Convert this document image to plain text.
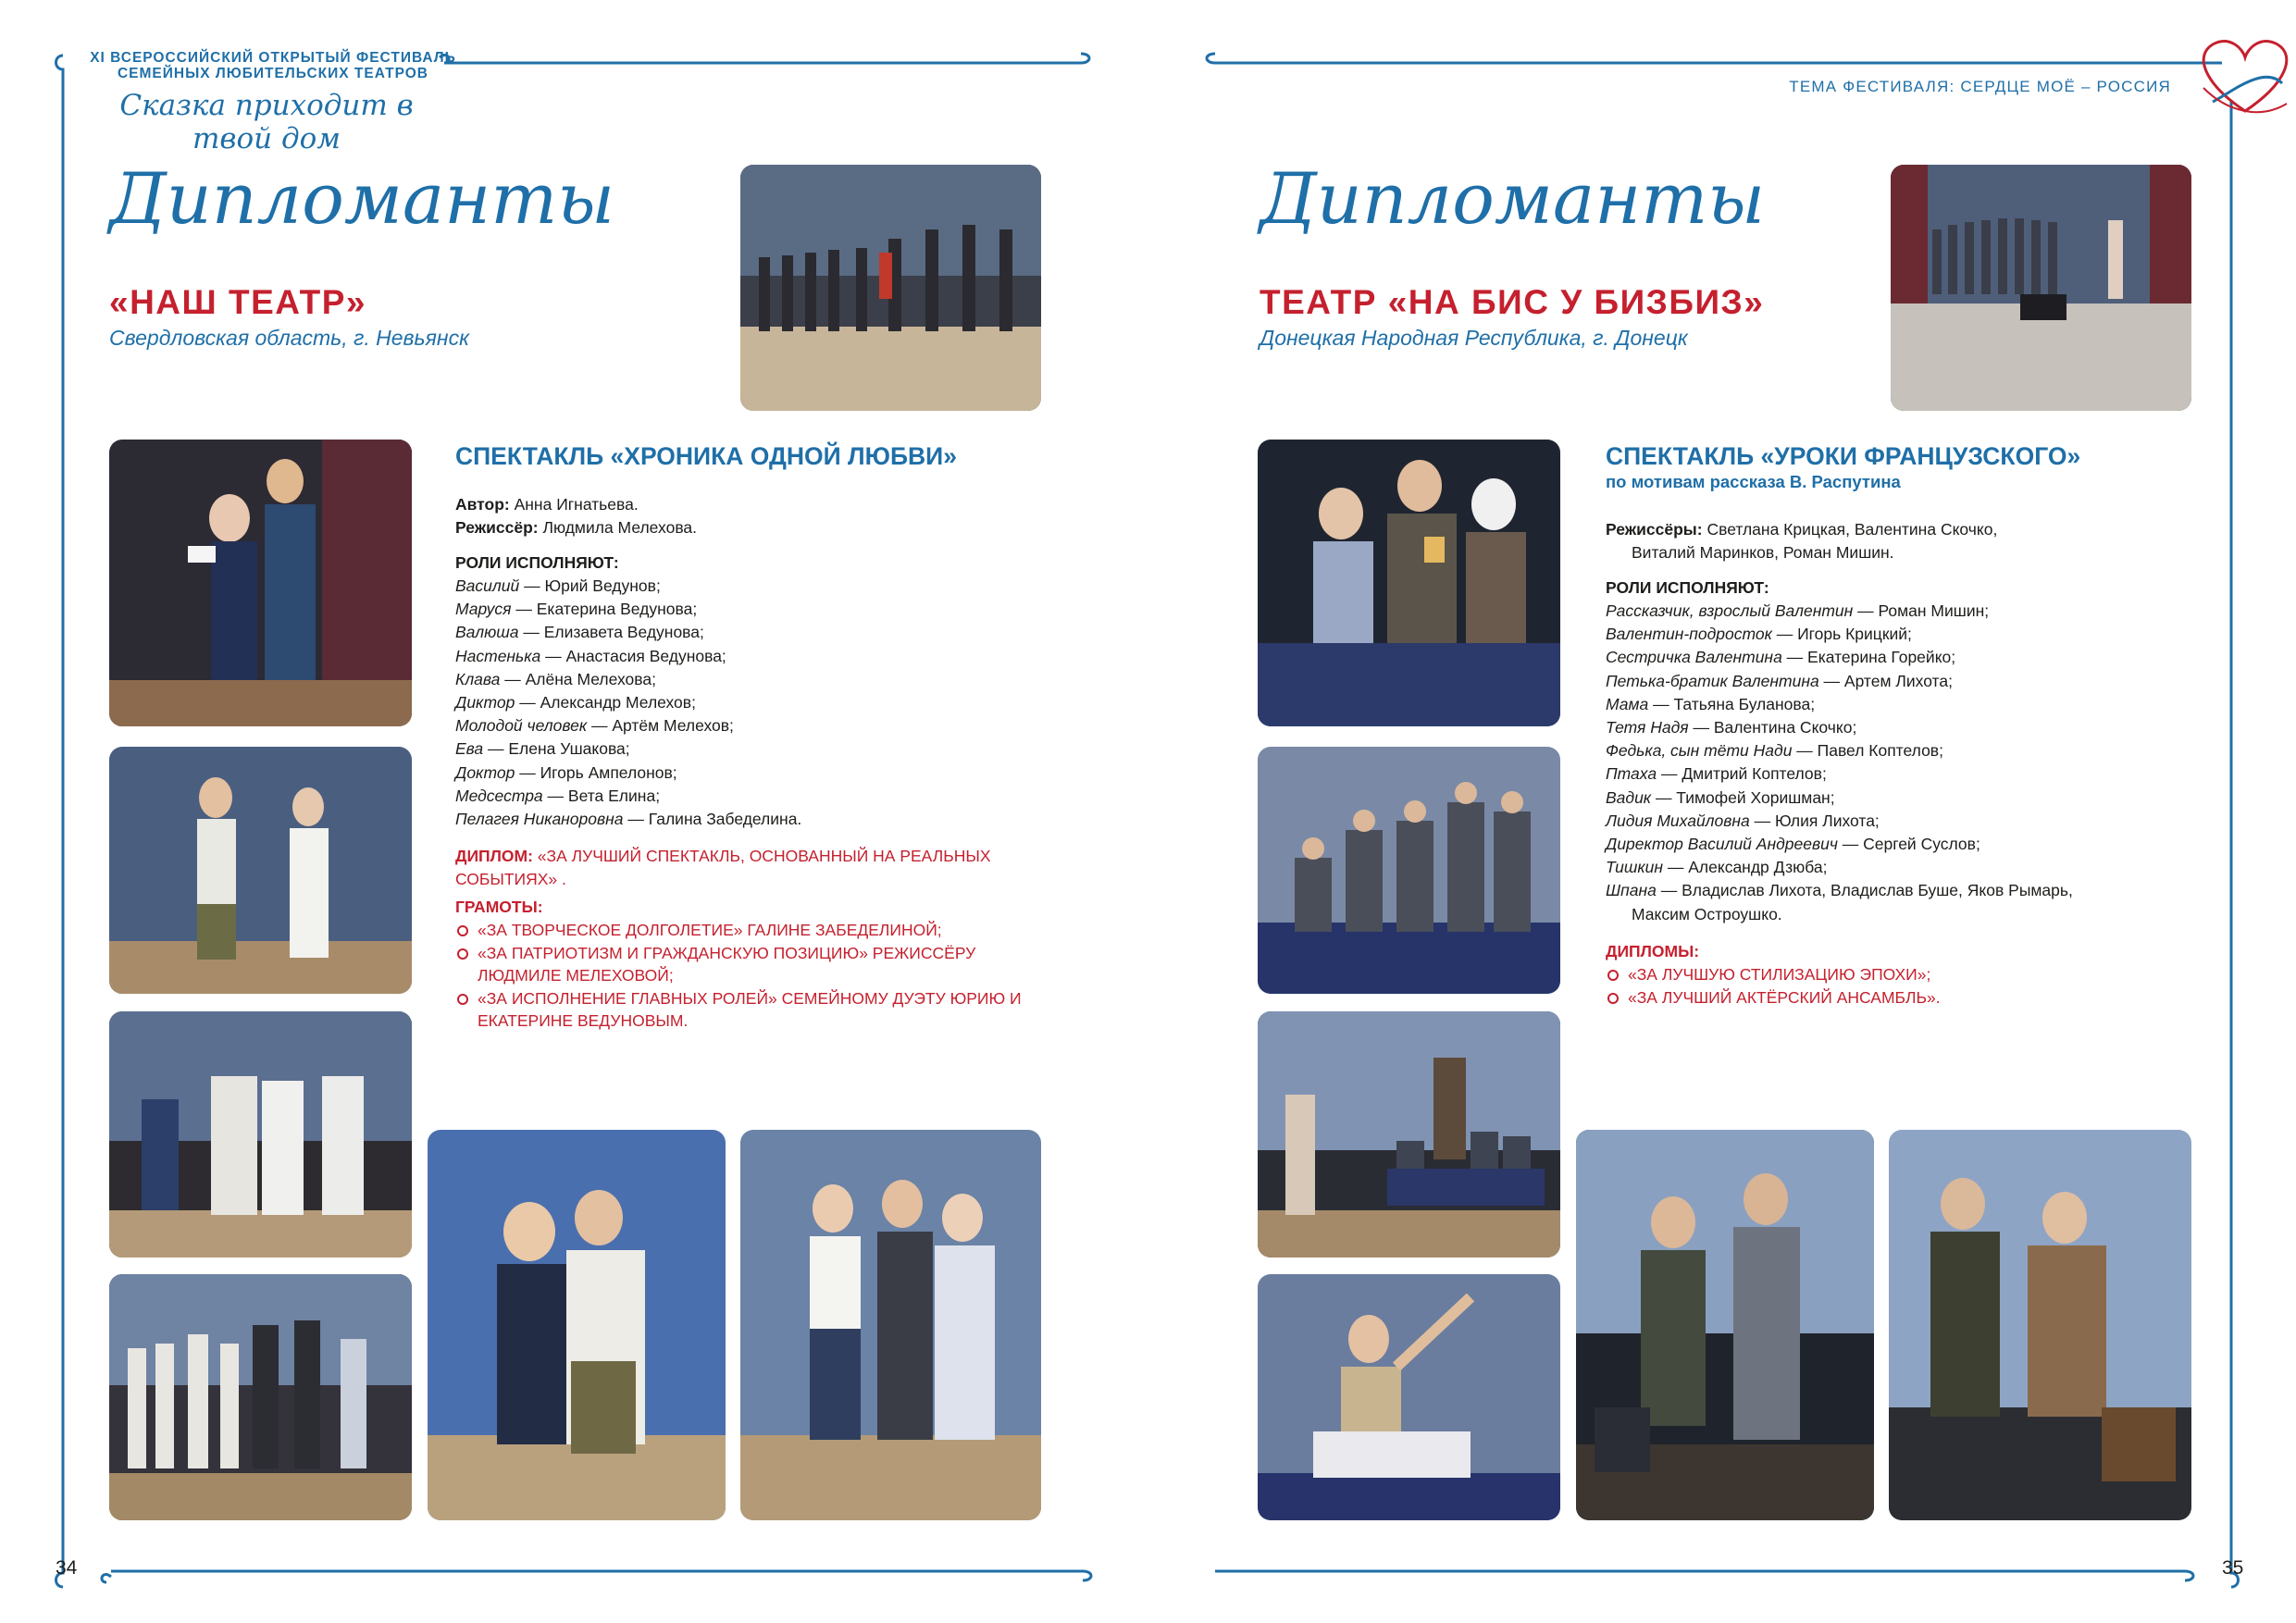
XI ВСЕРОССИЙСКИЙ ОТКРЫТЫЙ ФЕСТИВАЛЬ
СЕМЕЙНЫХ ЛЮБИТЕЛЬСКИХ ТЕАТРОВ
Сказка приходит в твой дом
Дипломанты
«НАШ ТЕАТР»
Свердловская область, г. Невьянск
СПЕКТАКЛЬ «ХРОНИКА ОДНОЙ ЛЮБВИ»
Автор: Анна Игнатьева.
Режиссёр: Людмила Мелехова.
РОЛИ ИСПОЛНЯЮТ:
Василий — Юрий Ведунов;
Маруся — Екатерина Ведунова;
Валюша — Елизавета Ведунова;
Настенька — Анастасия Ведунова;
Клава — Алёна Мелехова;
Диктор — Александр Мелехов;
Молодой человек — Артём Мелехов;
Ева — Елена Ушакова;
Доктор — Игорь Ампелонов;
Медсестра — Вета Елина;
Пелагея Никаноровна — Галина Забеделина.
ДИПЛОМ: «ЗА ЛУЧШИЙ СПЕКТАКЛЬ, ОСНОВАННЫЙ НА РЕАЛЬНЫХ СОБЫТИЯХ» .
ГРАМОТЫ:
«ЗА ТВОРЧЕСКОЕ ДОЛГОЛЕТИЕ» ГАЛИНЕ ЗАБЕДЕЛИНОЙ;
«ЗА ПАТРИОТИЗМ И ГРАЖДАНСКУЮ ПОЗИЦИЮ» РЕЖИССЁРУ ЛЮДМИЛЕ МЕЛЕХОВОЙ;
«ЗА ИСПОЛНЕНИЕ ГЛАВНЫХ РОЛЕЙ» СЕМЕЙНОМУ ДУЭТУ ЮРИЮ И ЕКАТЕРИНЕ ВЕДУНОВЫМ.
34
ТЕМА ФЕСТИВАЛЯ: СЕРДЦЕ МОЁ – РОССИЯ
Дипломанты
ТЕАТР «НА БИС У БИЗБИЗ»
Донецкая Народная Республика, г. Донецк
СПЕКТАКЛЬ «УРОКИ ФРАНЦУЗСКОГО»
по мотивам рассказа В. Распутина
Режиссёры: Светлана Крицкая, Валентина Скочко,
Виталий Маринков, Роман Мишин.
РОЛИ ИСПОЛНЯЮТ:
Рассказчик, взрослый Валентин — Роман Мишин;
Валентин-подросток — Игорь Крицкий;
Сестричка Валентина — Екатерина Горейко;
Петька-братик Валентина — Артем Лихота;
Мама — Татьяна Буланова;
Тетя Надя — Валентина Скочко;
Федька, сын тёти Нади — Павел Коптелов;
Птаха — Дмитрий Коптелов;
Вадик — Тимофей Хоришман;
Лидия Михайловна — Юлия Лихота;
Директор Василий Андреевич — Сергей Суслов;
Тишкин — Александр Дзюба;
Шпана — Владислав Лихота, Владислав Буше, Яков Рымарь,
Максим Остроушко.
ДИПЛОМЫ:
«ЗА ЛУЧШУЮ СТИЛИЗАЦИЮ ЭПОХИ»;
«ЗА ЛУЧШИЙ АКТЁРСКИЙ АНСАМБЛЬ».
35
